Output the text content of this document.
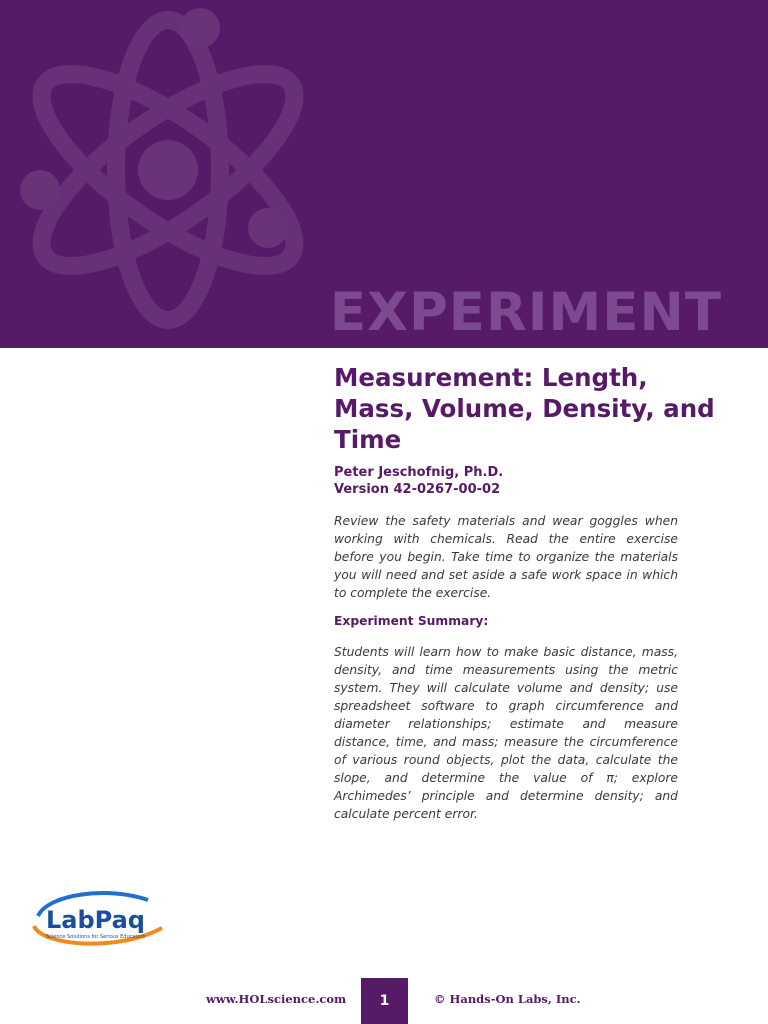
EXPERIMENT
Measurement: Length, Mass, Volume, Density, and Time
Peter Jeschofnig, Ph.D.
Version 42-0267-00-02

Review the safety materials and wear goggles when working with chemicals. Read the entire exercise before you begin. Take time to organize the materials you will need and set aside a safe work space in which to complete the exercise.

Experiment Summary:

Students will learn how to make basic distance, mass, density, and time measurements using the metric system. They will calculate volume and density; use spreadsheet software to graph circumference and diameter relationships; estimate and measure distance, time, and mass; measure the circumference of various round objects, plot the data, calculate the slope, and determine the value of π; explore Archimedes’ principle and determine density; and calculate percent error.

LabPaq
Science Solutions for Serious Educators
www.HOLscience.com	1	© Hands-On Labs, Inc.
